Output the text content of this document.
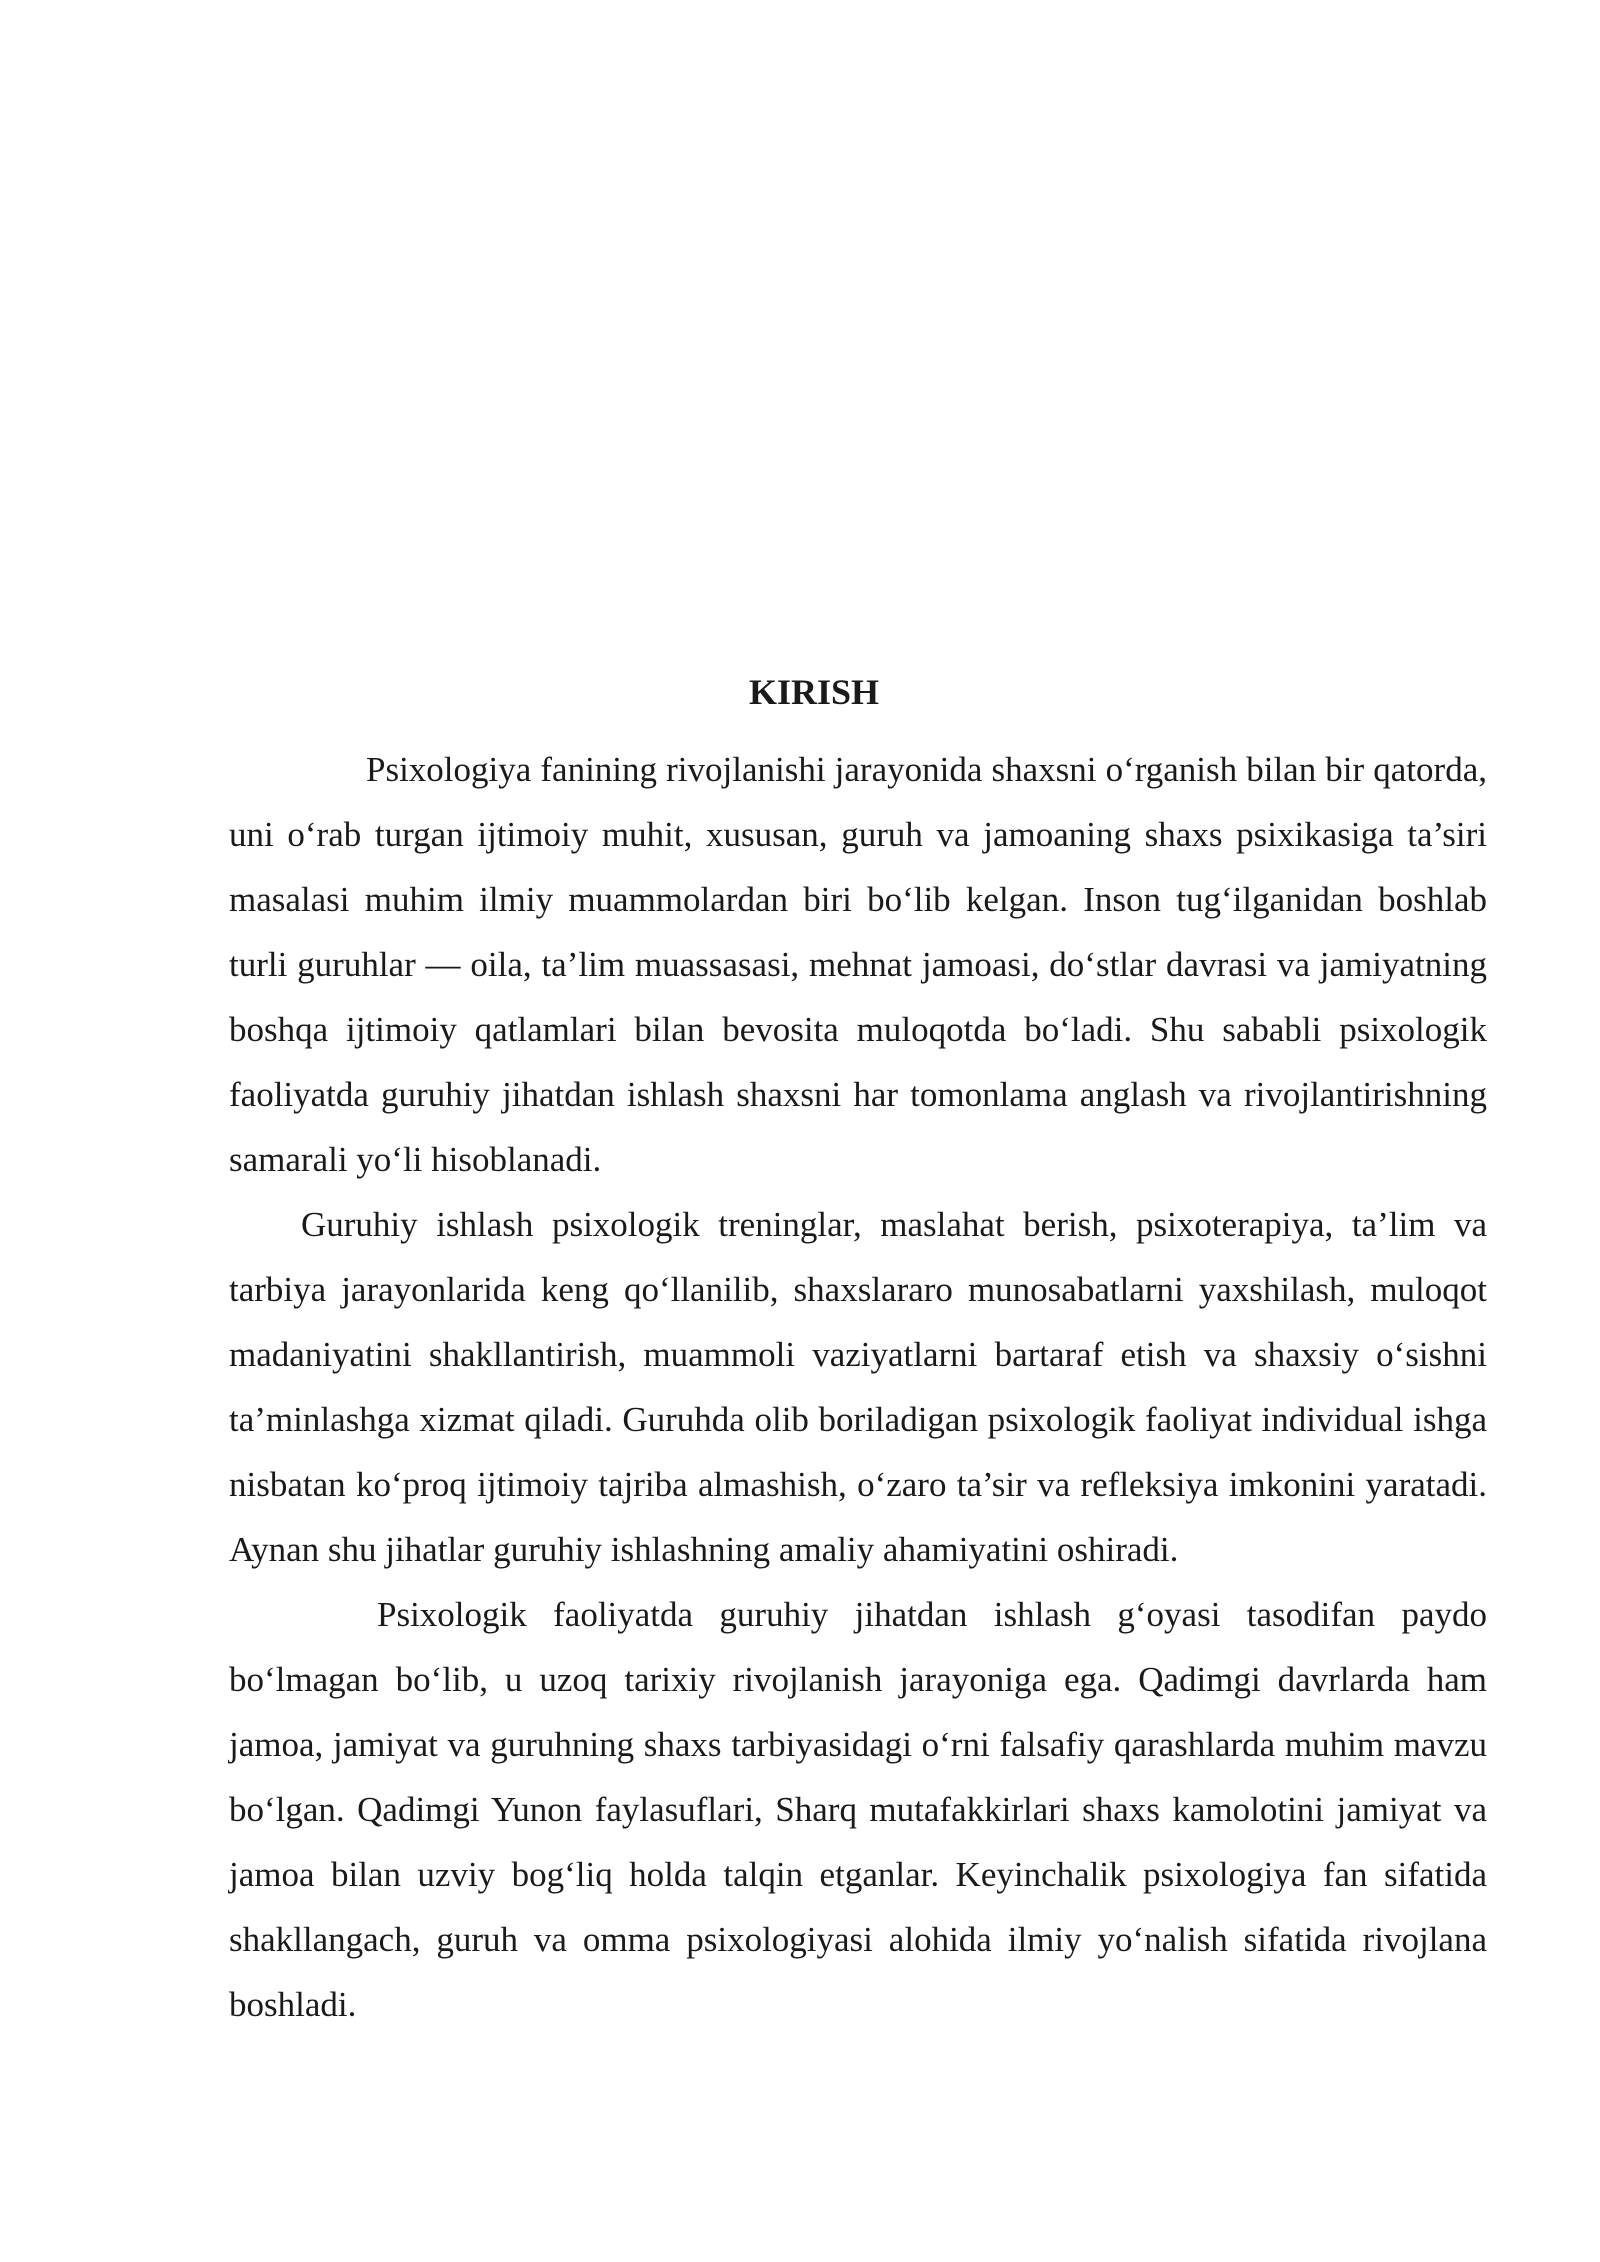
KIRISH

Psixologiya fanining rivojlanishi jarayonida shaxsni o‘rganish bilan bir qatorda, uni o‘rab turgan ijtimoiy muhit, xususan, guruh va jamoaning shaxs psixikasiga ta’siri masalasi muhim ilmiy muammolardan biri bo‘lib kelgan. Inson tug‘ilganidan boshlab turli guruhlar — oila, ta’lim muassasasi, mehnat jamoasi, do‘stlar davrasi va jamiyatning boshqa ijtimoiy qatlamlari bilan bevosita muloqotda bo‘ladi. Shu sababli psixologik faoliyatda guruhiy jihatdan ishlash shaxsni har tomonlama anglash va rivojlantirishning samarali yo‘li hisoblanadi.

Guruhiy ishlash psixologik treninglar, maslahat berish, psixoterapiya, ta’lim va tarbiya jarayonlarida keng qo‘llanilib, shaxslararo munosabatlarni yaxshilash, muloqot madaniyatini shakllantirish, muammoli vaziyatlarni bartaraf etish va shaxsiy o‘sishni ta’minlashga xizmat qiladi. Guruhda olib boriladigan psixologik faoliyat individual ishga nisbatan ko‘proq ijtimoiy tajriba almashish, o‘zaro ta’sir va refleksiya imkonini yaratadi. Aynan shu jihatlar guruhiy ishlashning amaliy ahamiyatini oshiradi.

Psixologik faoliyatda guruhiy jihatdan ishlash g‘oyasi tasodifan paydo bo‘lmagan bo‘lib, u uzoq tarixiy rivojlanish jarayoniga ega. Qadimgi davrlarda ham jamoa, jamiyat va guruhning shaxs tarbiyasidagi o‘rni falsafiy qarashlarda muhim mavzu bo‘lgan. Qadimgi Yunon faylasuflari, Sharq mutafakkirlari shaxs kamolotini jamiyat va jamoa bilan uzviy bog‘liq holda talqin etganlar. Keyinchalik psixologiya fan sifatida shakllangach, guruh va omma psixologiyasi alohida ilmiy yo‘nalish sifatida rivojlana boshladi.
